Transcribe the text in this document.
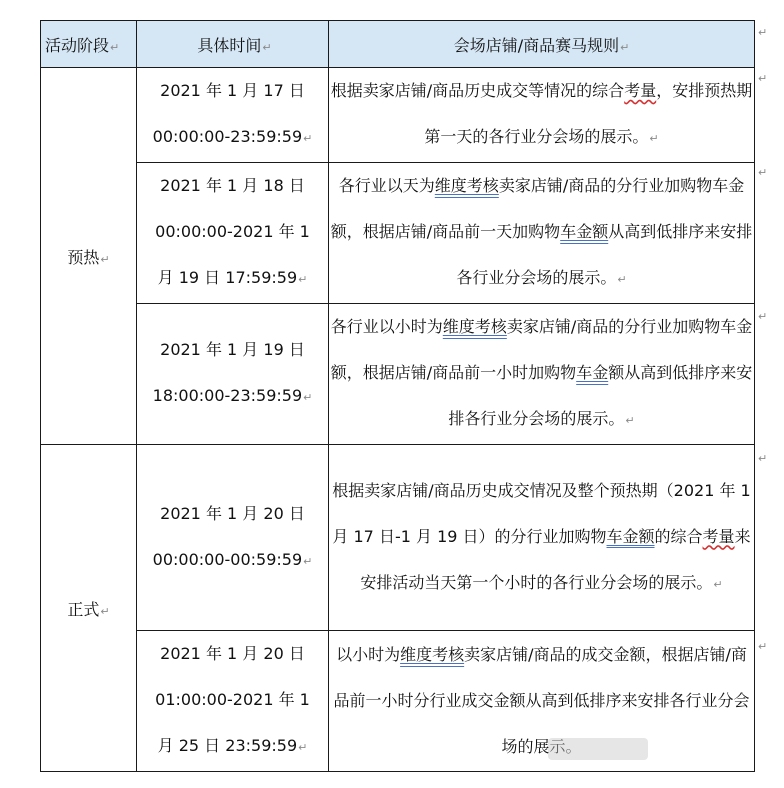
活动阶段↵	具体时间↵	会场店铺/商品赛马规则↵
预热↵	2021 年 1 月 17 日
00:00:00-23:59:59↵	根据卖家店铺/商品历史成交等情况的综合考量，安排预热期第一天的各行业分会场的展示。↵

	2021 年 1 月 18 日
00:00:00-2021 年 1
月 19 日 17:59:59↵	各行业以天为维度考核卖家店铺/商品的分行业加购物车金额，根据店铺/商品前一天加购物车金额从高到低排序来安排各行业分会场的展示。↵

	2021 年 1 月 19 日
18:00:00-23:59:59↵	各行业以小时为维度考核卖家店铺/商品的分行业加购物车金额，根据店铺/商品前一小时加购物车金额从高到低排序来安排各行业分会场的展示。↵
正式↵	2021 年 1 月 20 日
00:00:00-00:59:59↵	根据卖家店铺/商品历史成交情况及整个预热期（2021 年 1 月 17 日-1 月 19 日）的分行业加购物车金额的综合考量来安排活动当天第一个小时的各行业分会场的展示。↵

	2021 年 1 月 20 日
01:00:00-2021 年 1
月 25 日 23:59:59↵	以小时为维度考核卖家店铺/商品的成交金额，根据店铺/商品前一小时分行业成交金额从高到低排序来安排各行业分会场的展示。
↵
↵
↵
↵
↵
↵
